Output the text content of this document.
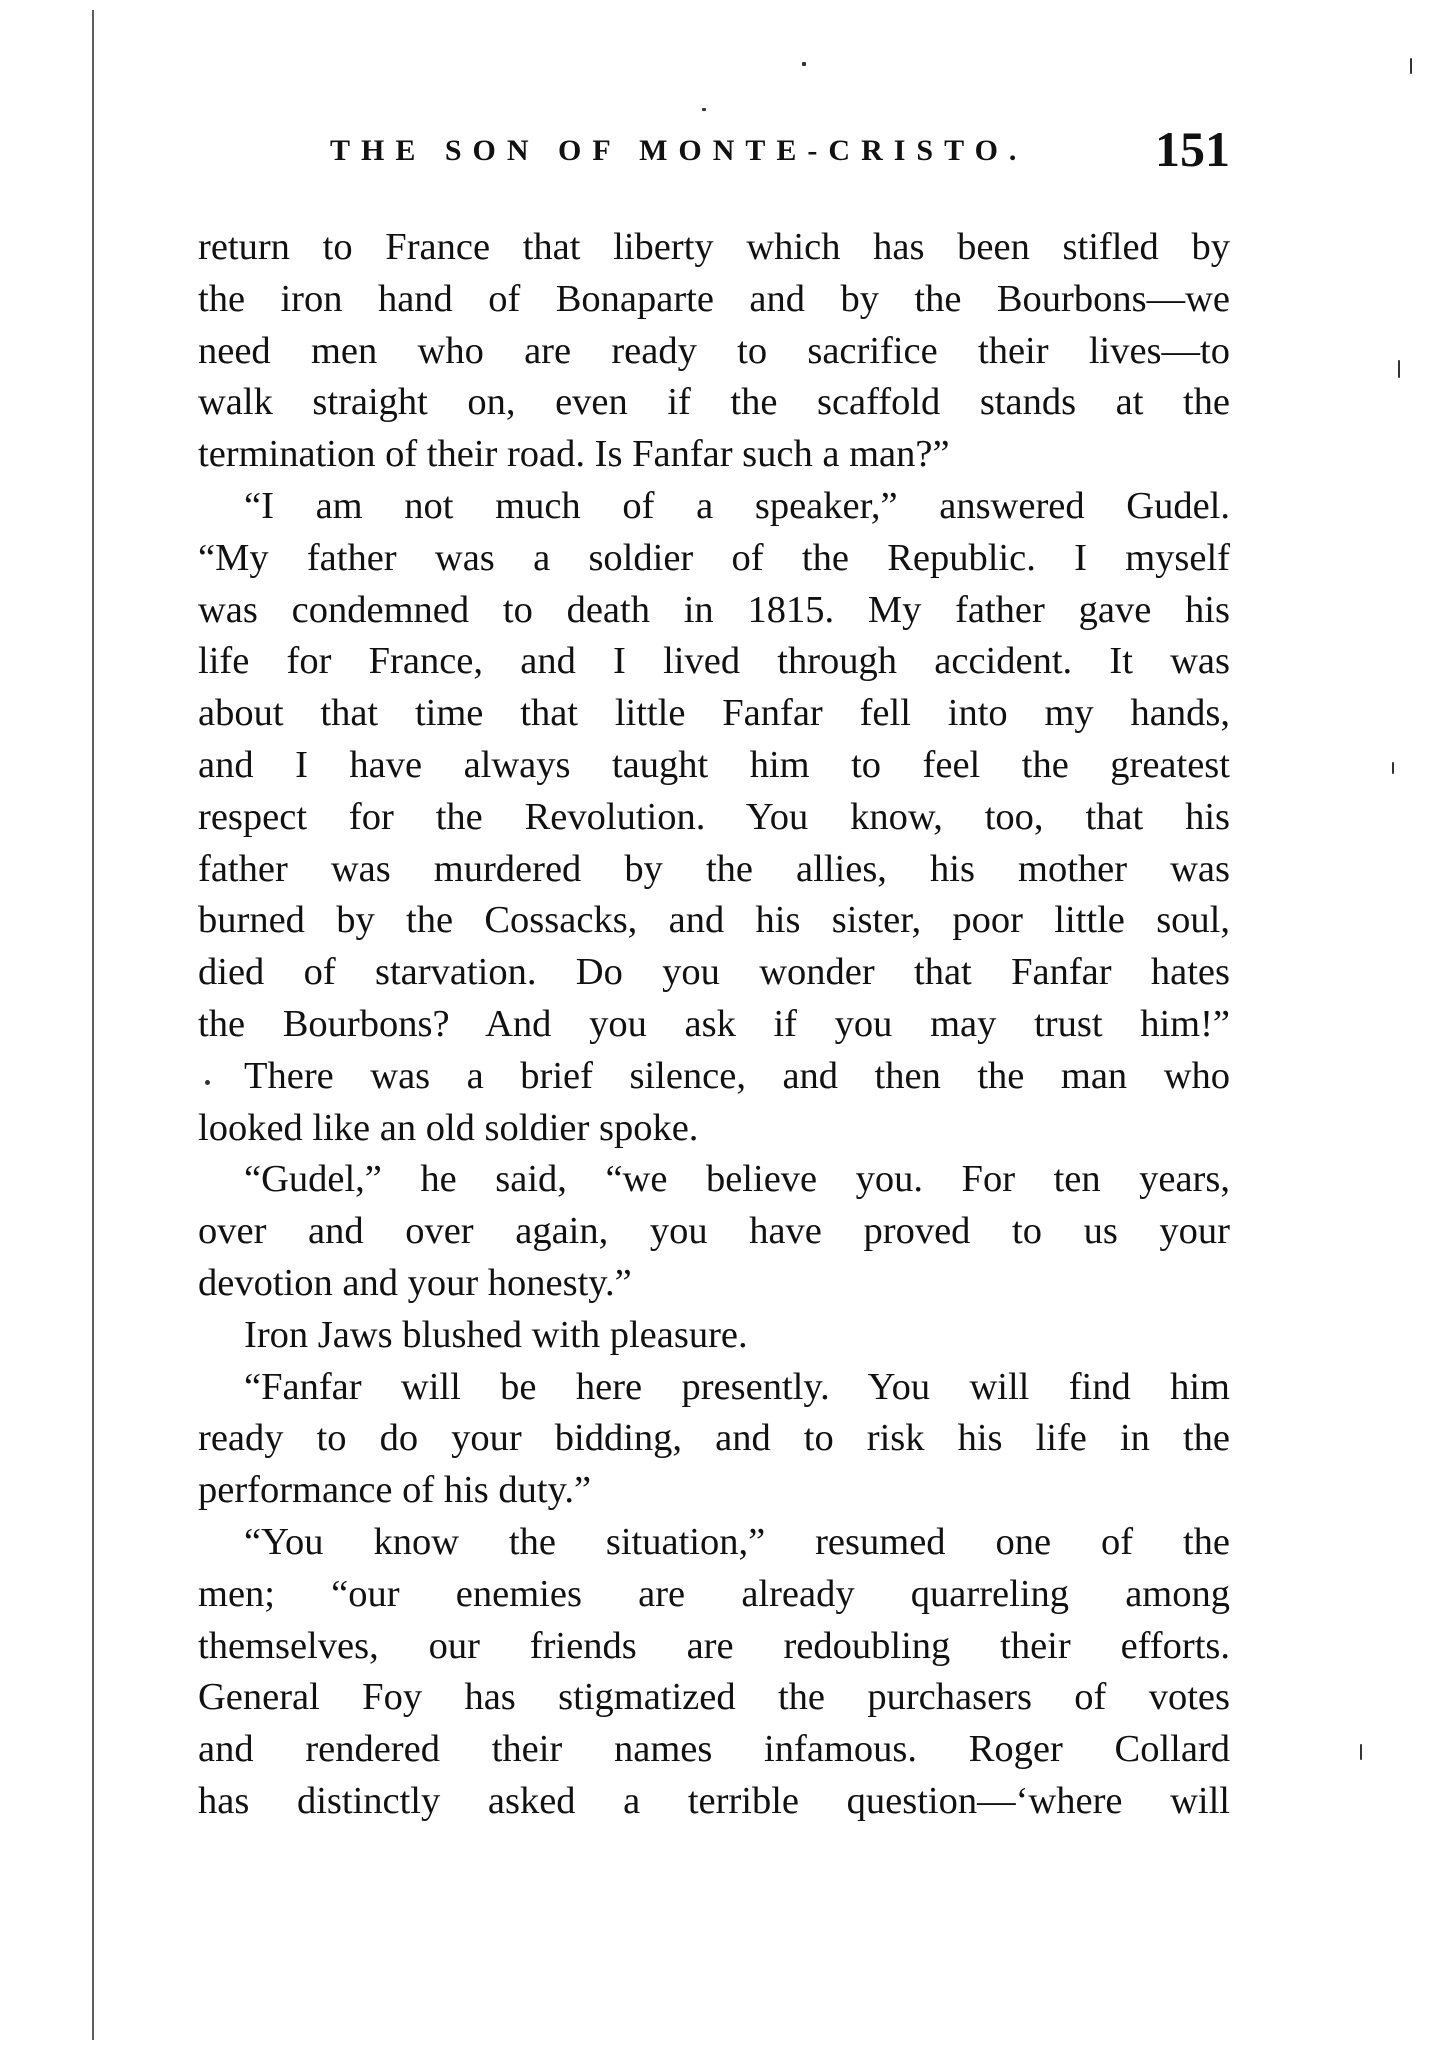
THE SON OF MONTE-CRISTO.	151
return to France that liberty which has been stifled by
the iron hand of Bonaparte and by the Bourbons—we
need men who are ready to sacrifice their lives—to
walk straight on, even if the scaffold stands at the
termination of their road. Is Fanfar such a man?”
“I am not much of a speaker,” answered Gudel.
“My father was a soldier of the Republic. I myself
was condemned to death in 1815. My father gave his
life for France, and I lived through accident. It was
about that time that little Fanfar fell into my hands,
and I have always taught him to feel the greatest
respect for the Revolution. You know, too, that his
father was murdered by the allies, his mother was
burned by the Cossacks, and his sister, poor little soul,
died of starvation. Do you wonder that Fanfar hates
the Bourbons? And you ask if you may trust him!”
There was a brief silence, and then the man who
looked like an old soldier spoke.
“Gudel,” he said, “we believe you. For ten years,
over and over again, you have proved to us your
devotion and your honesty.”
Iron Jaws blushed with pleasure.
“Fanfar will be here presently. You will find him
ready to do your bidding, and to risk his life in the
performance of his duty.”
“You know the situation,” resumed one of the
men; “our enemies are already quarreling among
themselves, our friends are redoubling their efforts.
General Foy has stigmatized the purchasers of votes
and rendered their names infamous. Roger Collard
has distinctly asked a terrible question—‘where will
